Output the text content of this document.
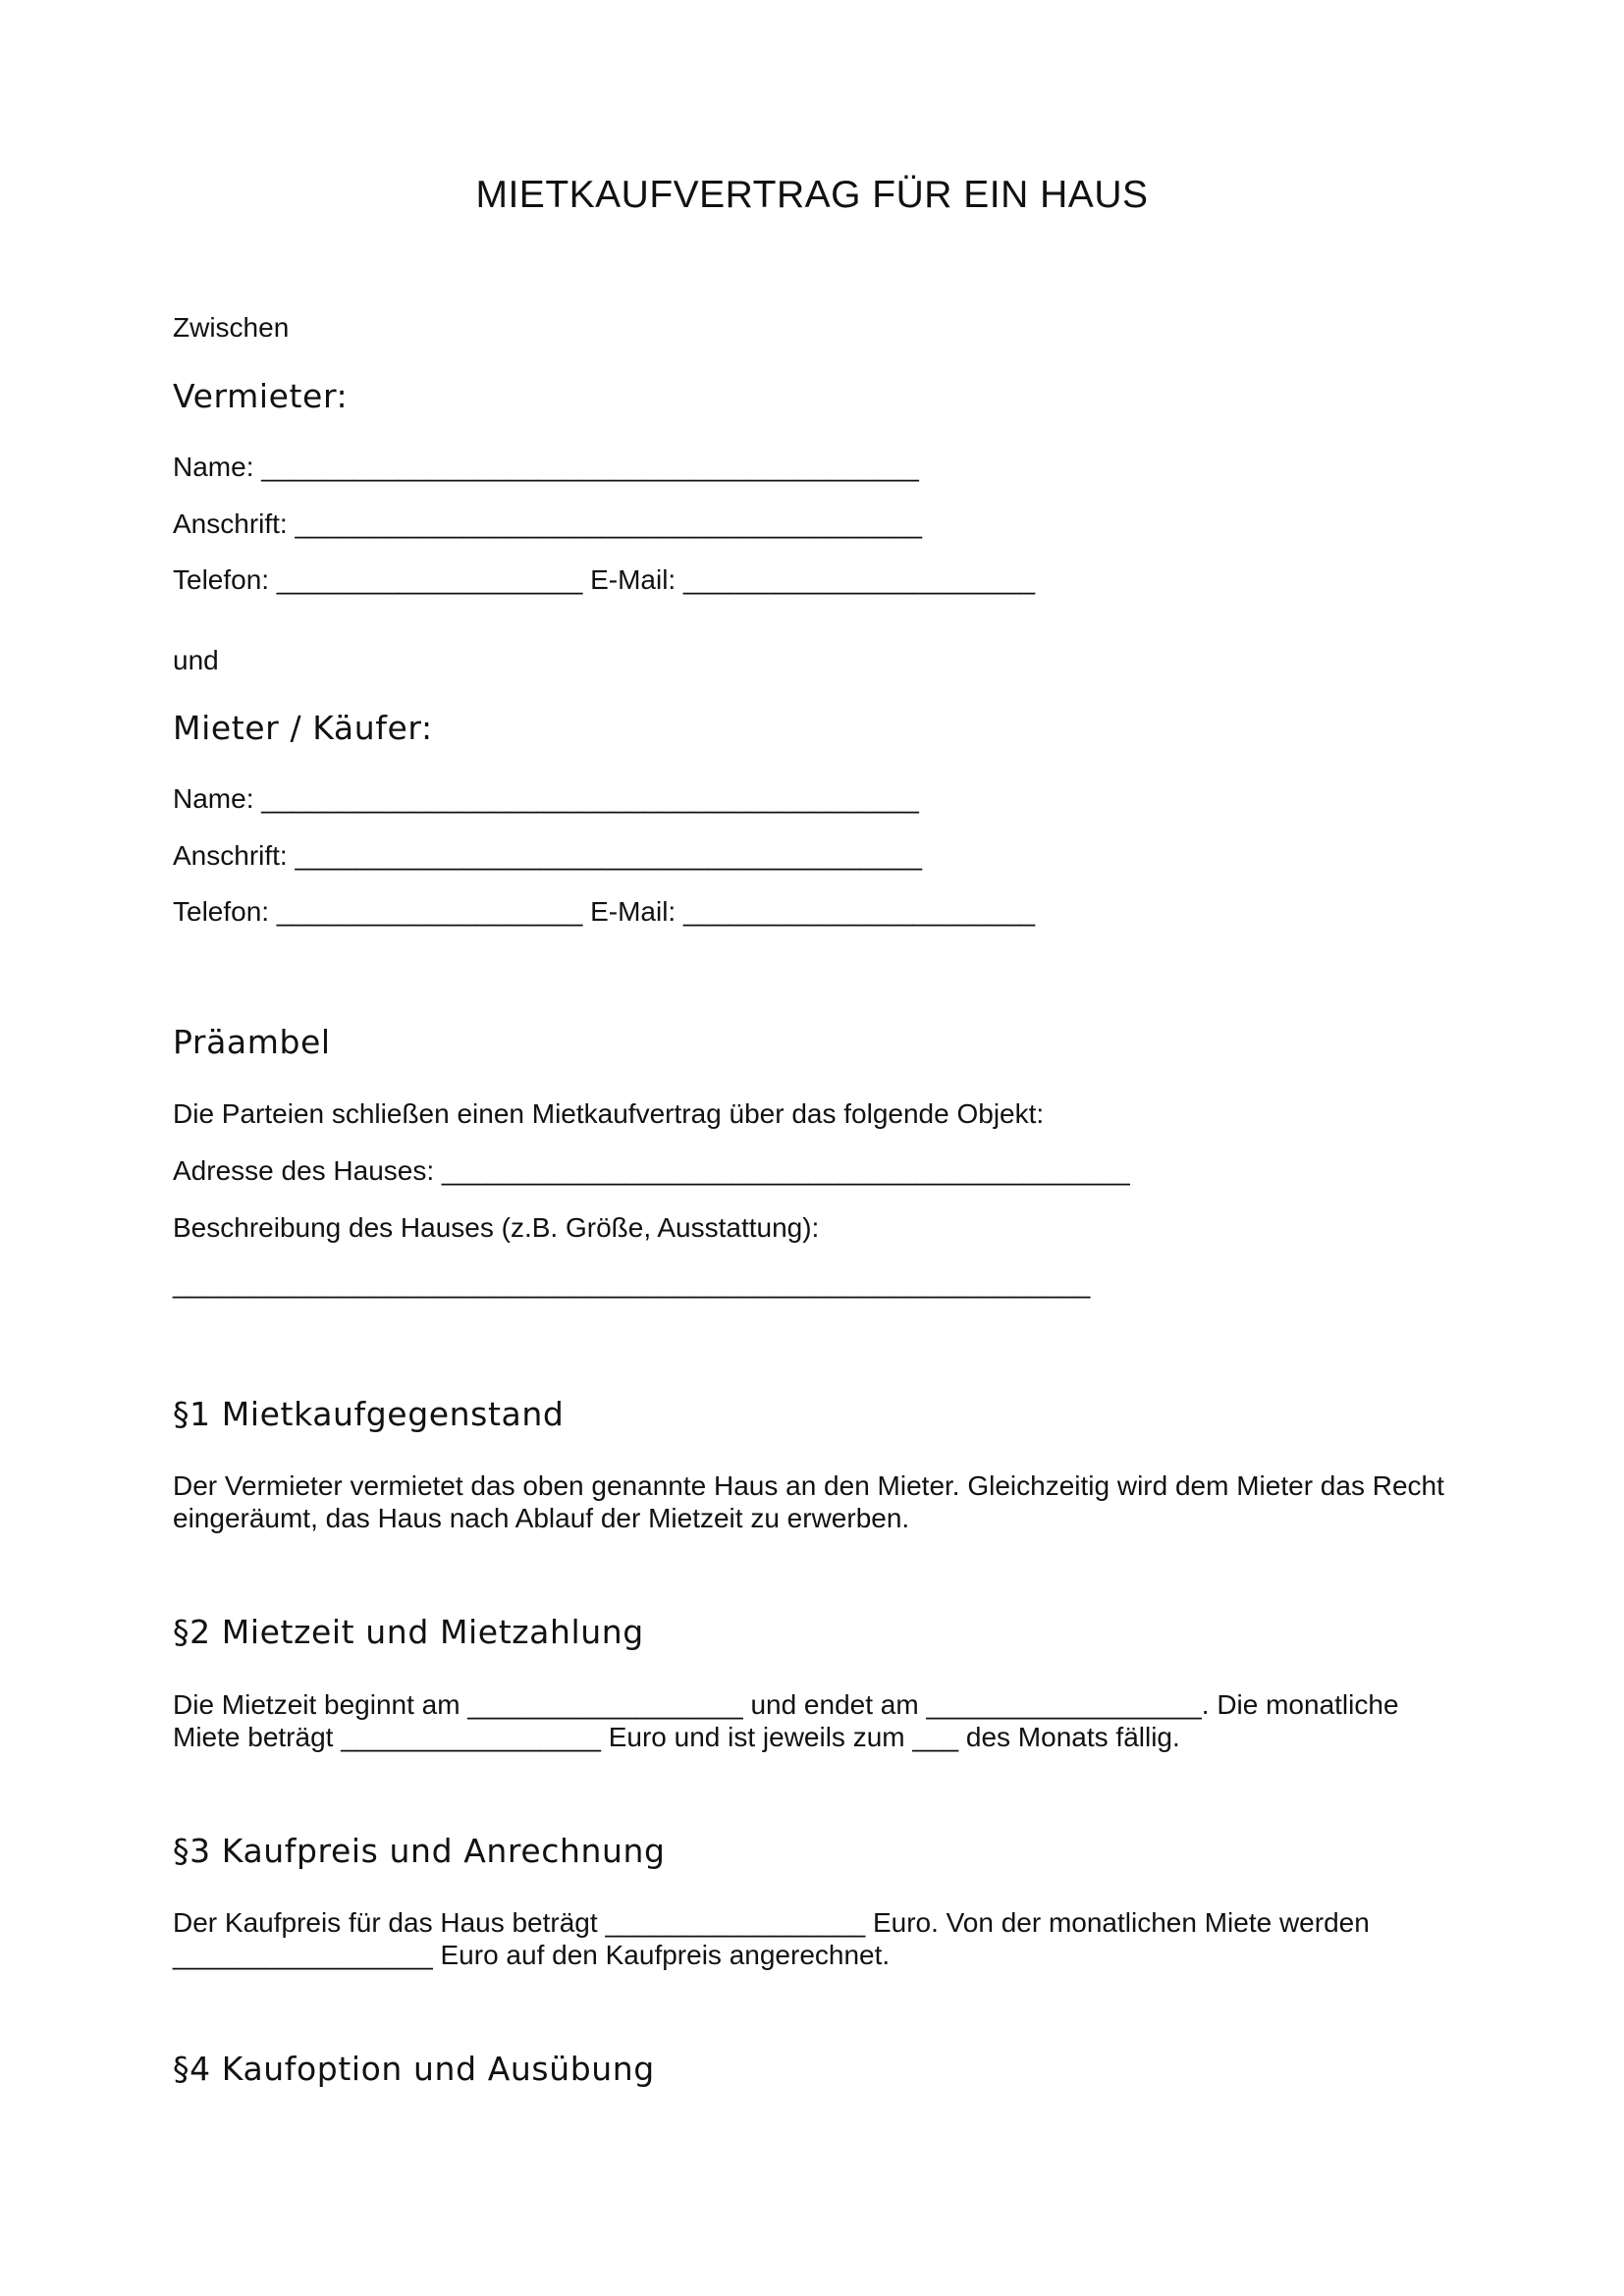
MIETKAUFVERTRAG FÜR EIN HAUS
Zwischen
Vermieter:
Name: ___________________________________________
Anschrift: _________________________________________
Telefon: ____________________ E-Mail: _______________________
und
Mieter / Käufer:
Name: ___________________________________________
Anschrift: _________________________________________
Telefon: ____________________ E-Mail: _______________________
Präambel
Die Parteien schließen einen Mietkaufvertrag über das folgende Objekt:
Adresse des Hauses: _____________________________________________
Beschreibung des Hauses (z.B. Größe, Ausstattung):
____________________________________________________________
§1 Mietkaufgegenstand
Der Vermieter vermietet das oben genannte Haus an den Mieter. Gleichzeitig wird dem Mieter das Recht eingeräumt, das Haus nach Ablauf der Mietzeit zu erwerben.
§2 Mietzeit und Mietzahlung
Die Mietzeit beginnt am __________________ und endet am __________________. Die monatliche Miete beträgt _________________ Euro und ist jeweils zum ___ des Monats fällig.
§3 Kaufpreis und Anrechnung
Der Kaufpreis für das Haus beträgt _________________ Euro. Von der monatlichen Miete werden _________________ Euro auf den Kaufpreis angerechnet.
§4 Kaufoption und Ausübung
